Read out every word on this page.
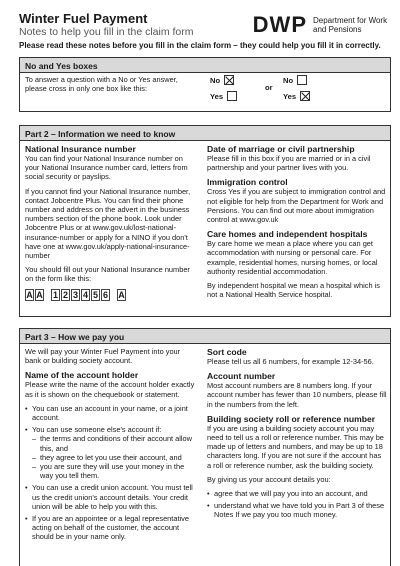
Winter Fuel Payment
Notes to help you fill in the claim form	DWP Department for Work and Pensions
Please read these notes before you fill in the claim form – they could help you fill it in correctly.
No and Yes boxes
To answer a question with a No or Yes answer, please cross in only one box like this:
No
Yes
or
No
Yes
Part 2 – Information we need to know
National Insurance number

You can find your National Insurance number on your National Insurance number card, letters from social security or payslips.

If you cannot find your National Insurance number, contact Jobcentre Plus. You can find their phone number and address on the advert in the business numbers section of the phone book. Look under Jobcentre Plus or at www.gov.uk/lost-national-insurance-number or apply for a NINO if you don't have one at www.gov.uk/apply-national-insurance-number

You should fill out your National Insurance number on the form like this:

A A 1 2 3 4 5 6 A
Date of marriage or civil partnership

Please fill in this box if you are married or in a civil partnership and your partner lives with you.

Immigration control

Cross Yes if you are subject to immigration control and not eligible for help from the Department for Work and Pensions. You can find out more about immigration control at www.gov.uk

Care homes and independent hospitals

By care home we mean a place where you can get accommodation with nursing or personal care. For example, residential homes, nursing homes, or local authority residential accommodation.

By independent hospital we mean a hospital which is not a National Health Service hospital.

Part 3 – How we pay you

We will pay your Winter Fuel Payment into your bank or building society account.

Name of the account holder

Please write the name of the account holder exactly as it is shown on the chequebook or statement.

• You can use an account in your name, or a joint account.
• You can use someone else's account if:
– the terms and conditions of their account allow this, and
– they agree to let you use their account, and
– you are sure they will use your money in the way you tell them.
• You can use a credit union account. You must tell us the credit union's account details. Your credit union will be able to help you with this.
• If you are an appointee or a legal representative acting on behalf of the customer, the account should be in your name only.
Sort code

Please tell us all 6 numbers, for example 12-34-56.

Account number

Most account numbers are 8 numbers long. If your account number has fewer than 10 numbers, please fill in the numbers from the left.

Building society roll or reference number

If you are using a building society account you may need to tell us a roll or reference number. This may be made up of letters and numbers, and may be up to 18 characters long. If you are not sure if the account has a roll or reference number, ask the building society.

By giving us your account details you:

• agree that we will pay you into an account, and
• understand what we have told you in Part 3 of these Notes If we pay you too much money.
